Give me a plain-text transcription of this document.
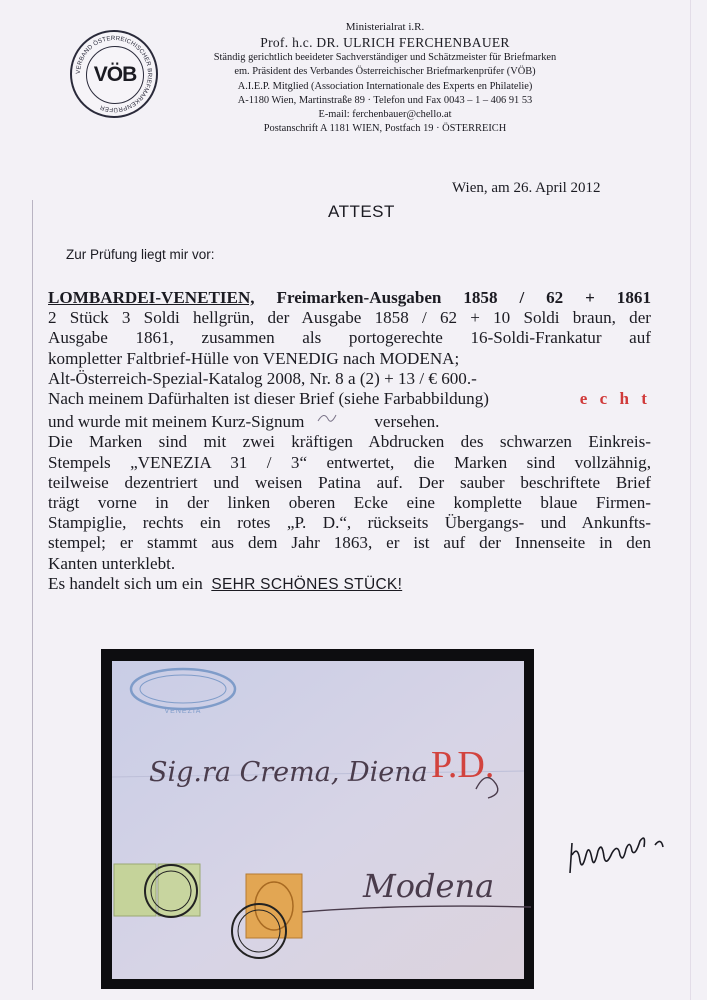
VERBAND ÖSTERREICHISCHER BRIEFMARKENPRÜFER
VÖB
Ministerialrat i.R.
Prof. h.c. DR. ULRICH FERCHENBAUER
Ständig gerichtlich beeideter Sachverständiger und Schätzmeister für Briefmarken
em. Präsident des Verbandes Österreichischer Briefmarkenprüfer (VÖB)
A.I.E.P. Mitglied (Association Internationale des Experts en Philatelie)
A-1180 Wien, Martinstraße 89 · Telefon und Fax 0043 – 1 – 406 91 53
E-mail: ferchenbauer@chello.at
Postanschrift A 1181 WIEN, Postfach 19 · ÖSTERREICH
Wien, am 26. April 2012
ATTEST
Zur Prüfung liegt mir vor:

LOMBARDEI-VENETIEN, Freimarken-Ausgaben 1858 / 62 + 1861

2 Stück 3 Soldi hellgrün, der Ausgabe 1858 / 62 + 10 Soldi braun, der

Ausgabe 1861, zusammen als portogerechte 16-Soldi-Frankatur auf

kompletter Faltbrief-Hülle von VENEDIG nach MODENA;

Alt-Österreich-Spezial-Katalog 2008, Nr. 8 a (2) + 13 / € 600.-

Nach meinem Dafürhalten ist dieser Brief (siehe Farbabbildung)	e c h t

und wurde mit meinem Kurz-Signum	versehen.

Die Marken sind mit zwei kräftigen Abdrucken des schwarzen Einkreis-

Stempels „VENEZIA 31 / 3“ entwertet, die Marken sind vollzähnig,

teilweise dezentriert und weisen Patina auf. Der sauber beschriftete Brief

trägt vorne in der linken oberen Ecke eine komplette blaue Firmen-

Stampiglie, rechts ein rotes „P. D.“, rückseits Übergangs- und Ankunfts-

stempel; er stammt aus dem Jahr 1863, er ist auf der Innenseite in den

Kanten unterklebt.

Es handelt sich um ein SEHR SCHÖNES STÜCK!

VENEZIA
P.D.
Sig.ra Crema, Diena
Modena
